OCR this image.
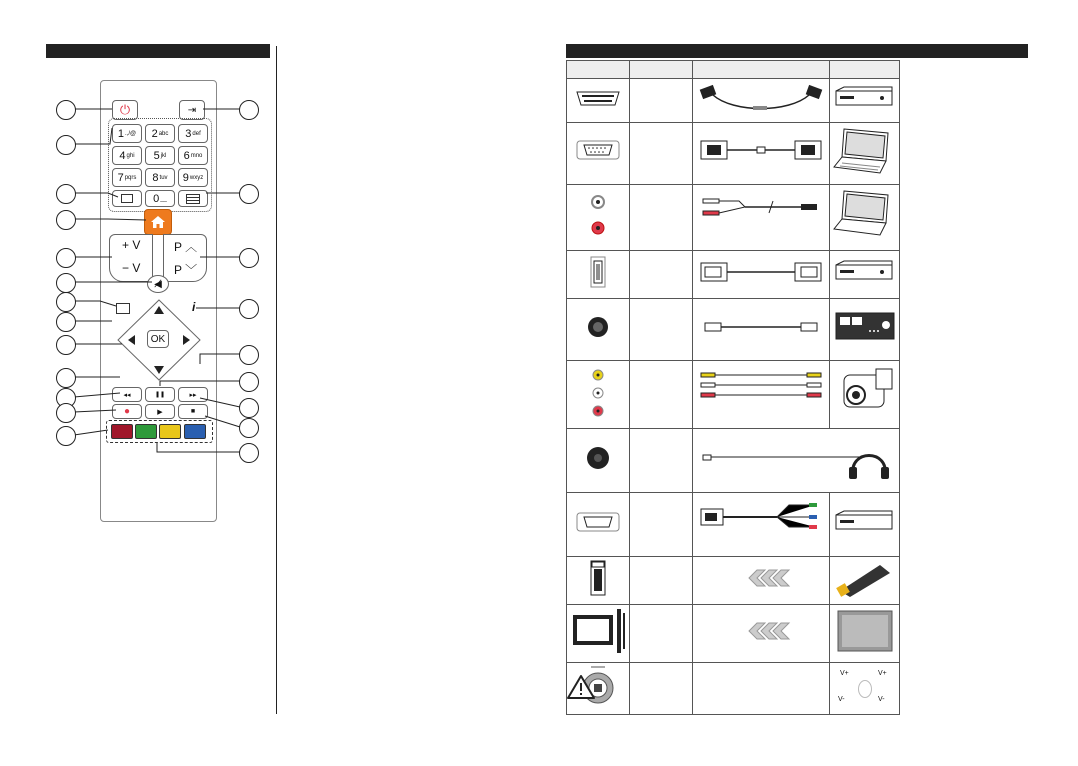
⏻	⇥
1 .,/@ 2 abc 3 def
4 ghi 5 jkl 6 mno
7 pqrs 8 tuv 9 wxyz
0 __
+ V
− V
P ︿
P ﹀
◀̸
i
OK
◂◂	❚❚	▸▸
●	▶	■

V+ V+
V- V-
